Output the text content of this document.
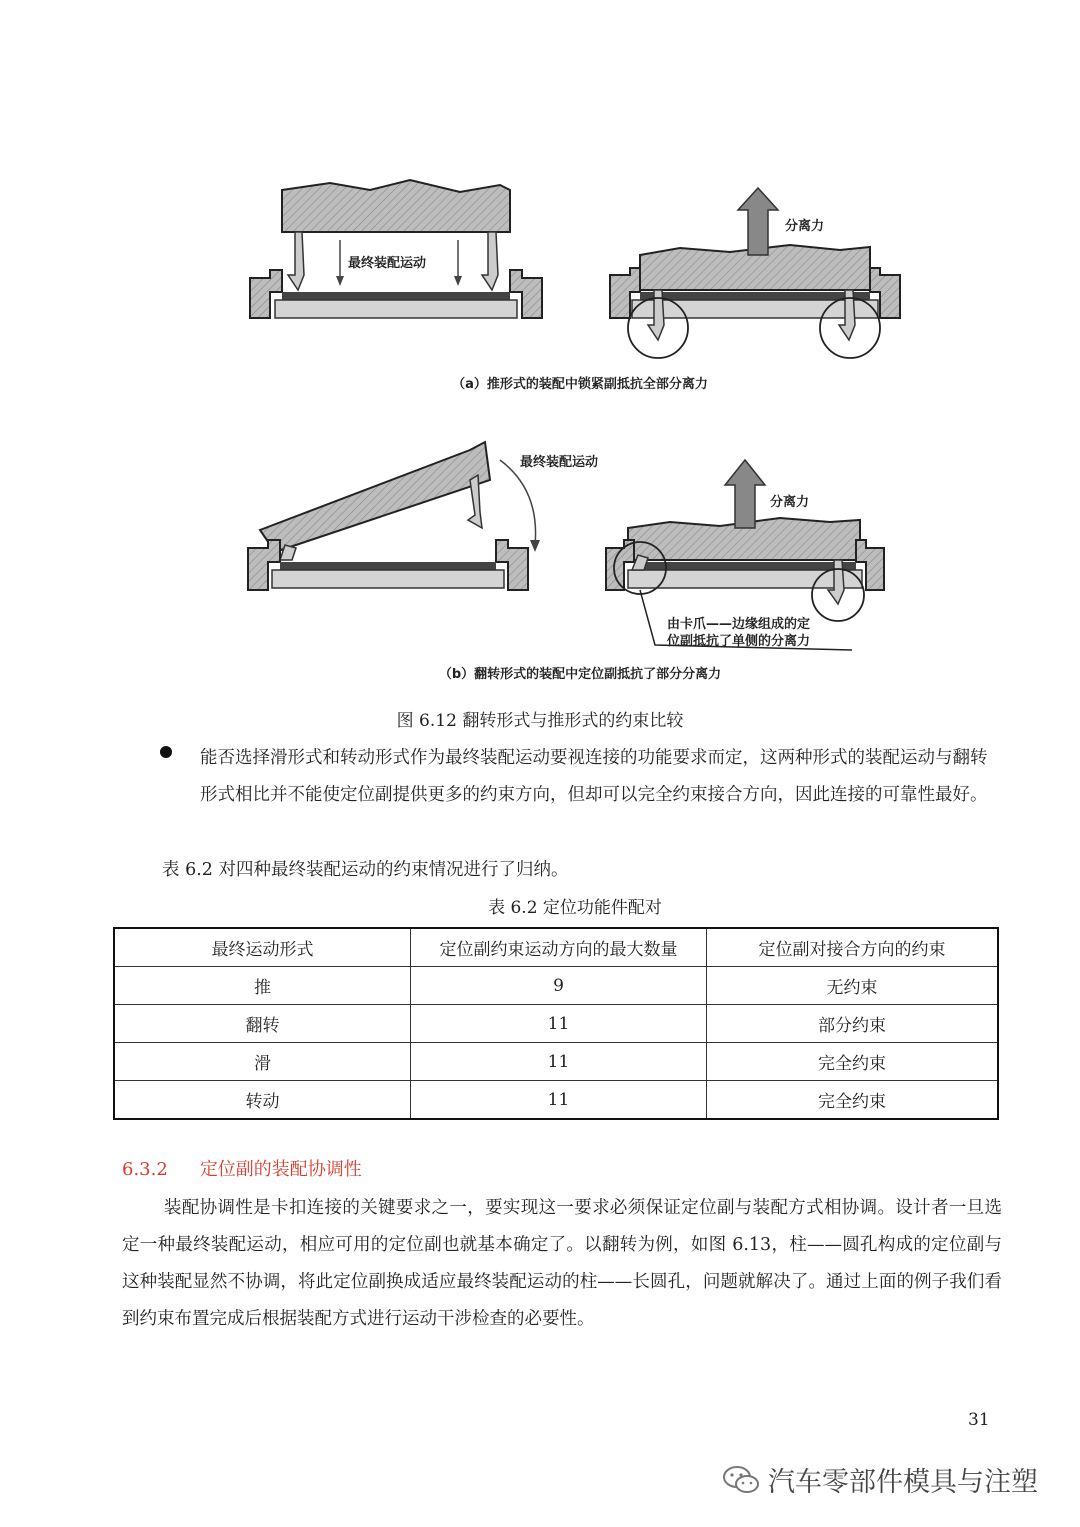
最终装配运动
分离力
（a）推形式的装配中锁紧副抵抗全部分离力
最终装配运动
分离力
由卡爪——边缘组成的定
位副抵抗了单侧的分离力
（b）翻转形式的装配中定位副抵抗了部分分离力
图 6.12 翻转形式与推形式的约束比较
能否选择滑形式和转动形式作为最终装配运动要视连接的功能要求而定，这两种形式的装配运动与翻转形式相比并不能使定位副提供更多的约束方向，但却可以完全约束接合方向，因此连接的可靠性最好。
表 6.2 对四种最终装配运动的约束情况进行了归纳。
表 6.2 定位功能件配对
最终运动形式	定位副约束运动方向的最大数量	定位副对接合方向的约束
推	9	无约束
翻转	11	部分约束
滑	11	完全约束
转动	11	完全约束
6.3.2 定位副的装配协调性
装配协调性是卡扣连接的关键要求之一，要实现这一要求必须保证定位副与装配方式相协调。设计者一旦选定一种最终装配运动，相应可用的定位副也就基本确定了。以翻转为例，如图 6.13，柱——圆孔构成的定位副与这种装配显然不协调，将此定位副换成适应最终装配运动的柱——长圆孔，问题就解决了。通过上面的例子我们看到约束布置完成后根据装配方式进行运动干涉检查的必要性。
31
汽车零部件模具与注塑
